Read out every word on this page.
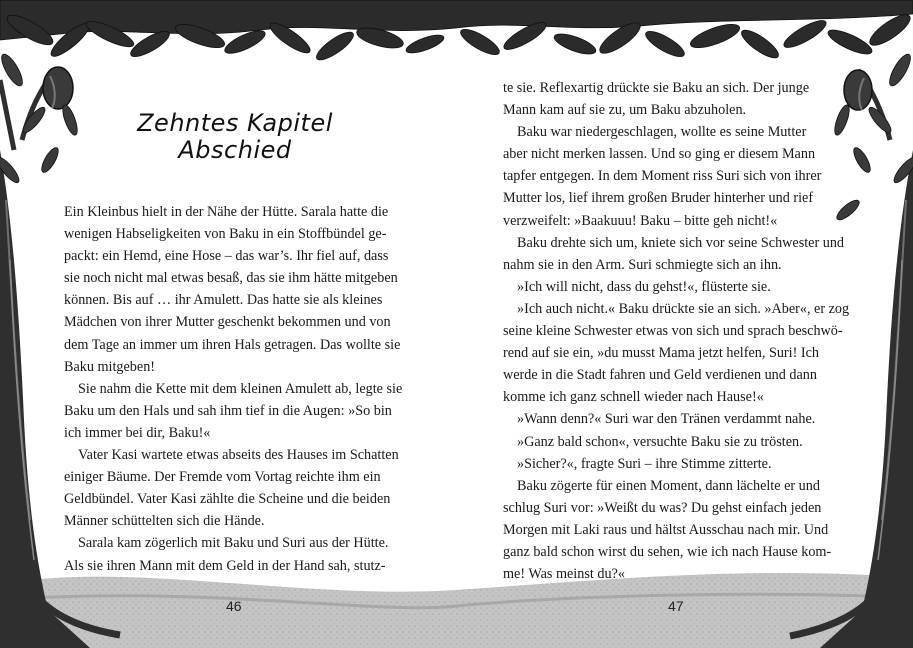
Zehntes Kapitel
Abschied
Ein Kleinbus hielt in der Nähe der Hütte. Sarala hatte die
wenigen Habseligkeiten von Baku in ein Stoffbündel ge-
packt: ein Hemd, eine Hose – das war’s. Ihr fiel auf, dass
sie noch nicht mal etwas besaß, das sie ihm hätte mitgeben
können. Bis auf … ihr Amulett. Das hatte sie als kleines
Mädchen von ihrer Mutter geschenkt bekommen und von
dem Tage an immer um ihren Hals getragen. Das wollte sie
Baku mitgeben!
Sie nahm die Kette mit dem kleinen Amulett ab, legte sie
Baku um den Hals und sah ihm tief in die Augen: »So bin
ich immer bei dir, Baku!«
Vater Kasi wartete etwas abseits des Hauses im Schatten
einiger Bäume. Der Fremde vom Vortag reichte ihm ein
Geldbündel. Vater Kasi zählte die Scheine und die beiden
Männer schüttelten sich die Hände.
Sarala kam zögerlich mit Baku und Suri aus der Hütte.
Als sie ihren Mann mit dem Geld in der Hand sah, stutz-
46
te sie. Reflexartig drückte sie Baku an sich. Der junge
Mann kam auf sie zu, um Baku abzuholen.
Baku war niedergeschlagen, wollte es seine Mutter
aber nicht merken lassen. Und so ging er diesem Mann
tapfer entgegen. In dem Moment riss Suri sich von ihrer
Mutter los, lief ihrem großen Bruder hinterher und rief
verzweifelt: »Baakuuu! Baku – bitte geh nicht!«
Baku drehte sich um, kniete sich vor seine Schwester und
nahm sie in den Arm. Suri schmiegte sich an ihn.
»Ich will nicht, dass du gehst!«, flüsterte sie.
»Ich auch nicht.« Baku drückte sie an sich. »Aber«, er zog
seine kleine Schwester etwas von sich und sprach beschwö-
rend auf sie ein, »du musst Mama jetzt helfen, Suri! Ich
werde in die Stadt fahren und Geld verdienen und dann
komme ich ganz schnell wieder nach Hause!«
»Wann denn?« Suri war den Tränen verdammt nahe.
»Ganz bald schon«, versuchte Baku sie zu trösten.
»Sicher?«, fragte Suri – ihre Stimme zitterte.
Baku zögerte für einen Moment, dann lächelte er und
schlug Suri vor: »Weißt du was? Du gehst einfach jeden
Morgen mit Laki raus und hältst Ausschau nach mir. Und
ganz bald schon wirst du sehen, wie ich nach Hause kom-
me! Was meinst du?«
47
